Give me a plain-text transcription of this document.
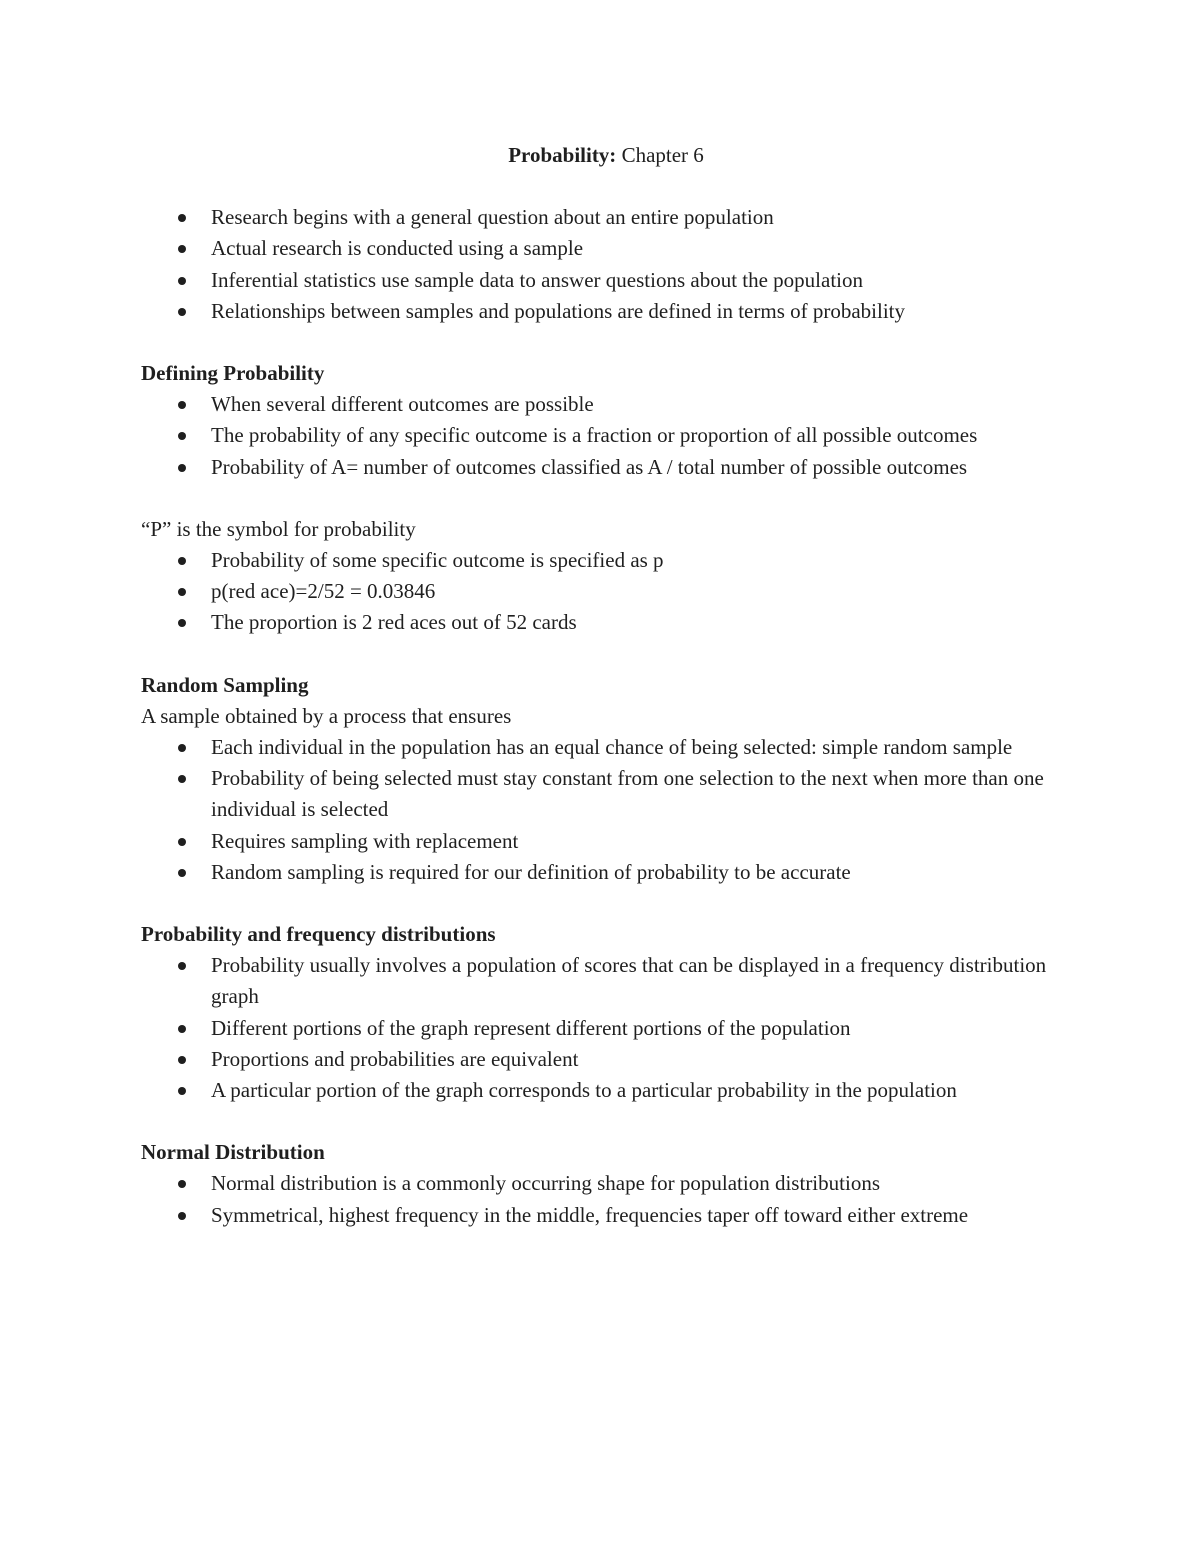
Probability: Chapter 6

Research begins with a general question about an entire population
Actual research is conducted using a sample
Inferential statistics use sample data to answer questions about the population
Relationships between samples and populations are defined in terms of probability
Defining Probability
When several different outcomes are possible
The probability of any specific outcome is a fraction or proportion of all possible outcomes
Probability of A= number of outcomes classified as A / total number of possible outcomes

“P” is the symbol for probability

Probability of some specific outcome is specified as p
p(red ace)=2/52 = 0.03846
The proportion is 2 red aces out of 52 cards
Random Sampling

A sample obtained by a process that ensures

Each individual in the population has an equal chance of being selected: simple random sample
Probability of being selected must stay constant from one selection to the next when more than one individual is selected
Requires sampling with replacement
Random sampling is required for our definition of probability to be accurate
Probability and frequency distributions
Probability usually involves a population of scores that can be displayed in a frequency distribution graph
Different portions of the graph represent different portions of the population
Proportions and probabilities are equivalent
A particular portion of the graph corresponds to a particular probability in the population
Normal Distribution
Normal distribution is a commonly occurring shape for population distributions
Symmetrical, highest frequency in the middle, frequencies taper off toward either extreme
